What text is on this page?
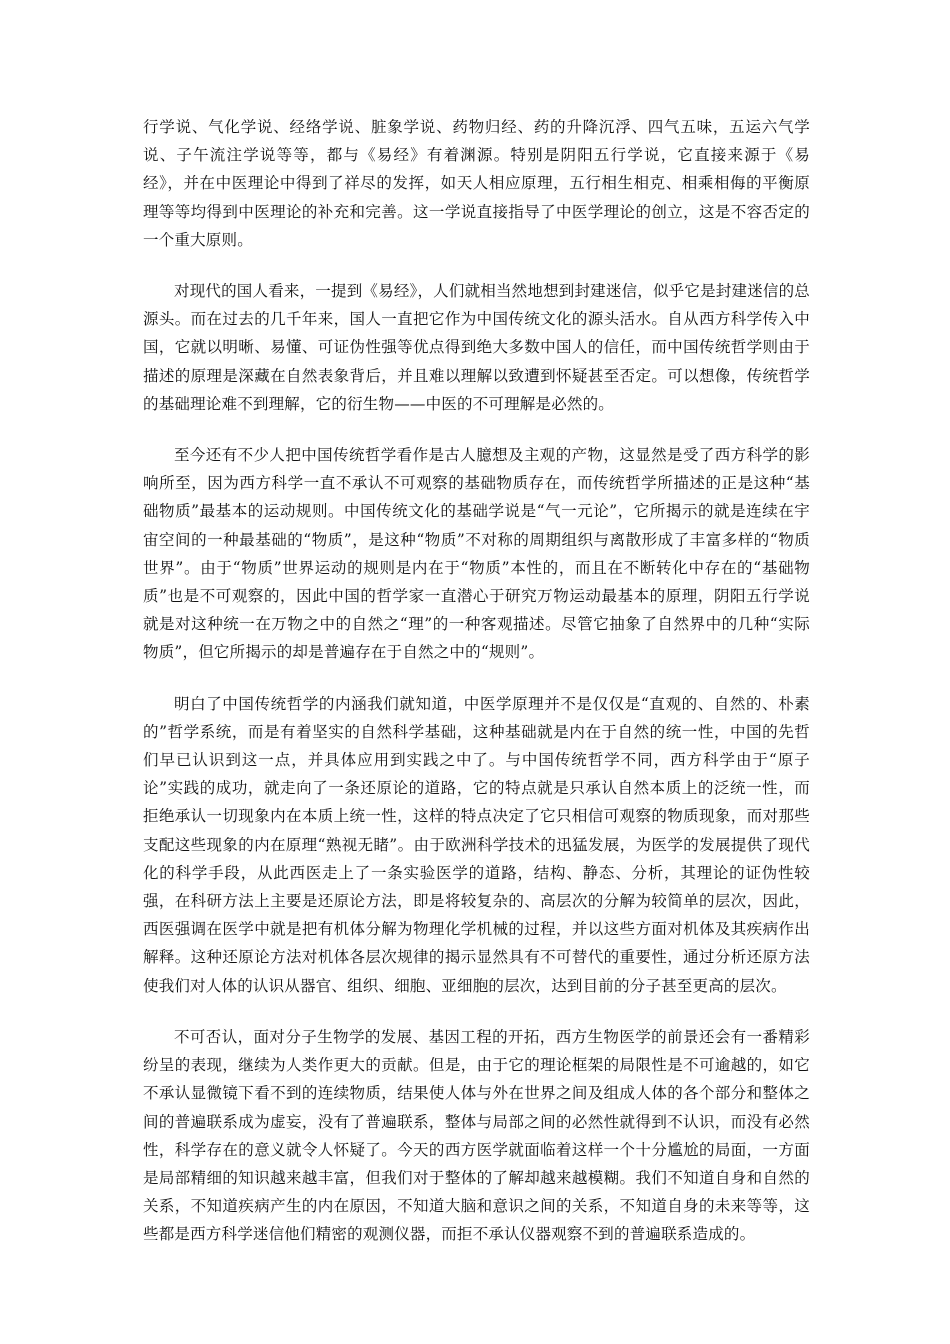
行学说、气化学说、经络学说、脏象学说、药物归经、药的升降沉浮、四气五味，五运六气学说、子午流注学说等等，都与《易经》有着渊源。特别是阴阳五行学说，它直接来源于《易经》，并在中医理论中得到了祥尽的发挥，如天人相应原理，五行相生相克、相乘相侮的平衡原理等等均得到中医理论的补充和完善。这一学说直接指导了中医学理论的创立，这是不容否定的一个重大原则。

对现代的国人看来，一提到《易经》，人们就相当然地想到封建迷信，似乎它是封建迷信的总源头。而在过去的几千年来，国人一直把它作为中国传统文化的源头活水。自从西方科学传入中国，它就以明晰、易懂、可证伪性强等优点得到绝大多数中国人的信任，而中国传统哲学则由于描述的原理是深藏在自然表象背后，并且难以理解以致遭到怀疑甚至否定。可以想像，传统哲学的基础理论难不到理解，它的衍生物——中医的不可理解是必然的。

至今还有不少人把中国传统哲学看作是古人臆想及主观的产物，这显然是受了西方科学的影响所至，因为西方科学一直不承认不可观察的基础物质存在，而传统哲学所描述的正是这种“基础物质”最基本的运动规则。中国传统文化的基础学说是“气一元论”，它所揭示的就是连续在宇宙空间的一种最基础的“物质”，是这种“物质”不对称的周期组织与离散形成了丰富多样的“物质世界”。由于“物质”世界运动的规则是内在于“物质”本性的，而且在不断转化中存在的“基础物质”也是不可观察的，因此中国的哲学家一直潜心于研究万物运动最基本的原理，阴阳五行学说就是对这种统一在万物之中的自然之“理”的一种客观描述。尽管它抽象了自然界中的几种“实际物质”，但它所揭示的却是普遍存在于自然之中的“规则”。

明白了中国传统哲学的内涵我们就知道，中医学原理并不是仅仅是“直观的、自然的、朴素的”哲学系统，而是有着坚实的自然科学基础，这种基础就是内在于自然的统一性，中国的先哲们早已认识到这一点，并具体应用到实践之中了。与中国传统哲学不同，西方科学由于“原子论”实践的成功，就走向了一条还原论的道路，它的特点就是只承认自然本质上的泛统一性，而拒绝承认一切现象内在本质上统一性，这样的特点决定了它只相信可观察的物质现象，而对那些支配这些现象的内在原理“熟视无睹”。由于欧洲科学技术的迅猛发展，为医学的发展提供了现代化的科学手段，从此西医走上了一条实验医学的道路，结构、静态、分析，其理论的证伪性较强，在科研方法上主要是还原论方法，即是将较复杂的、高层次的分解为较简单的层次，因此，西医强调在医学中就是把有机体分解为物理化学机械的过程，并以这些方面对机体及其疾病作出解释。这种还原论方法对机体各层次规律的揭示显然具有不可替代的重要性，通过分析还原方法使我们对人体的认识从器官、组织、细胞、亚细胞的层次，达到目前的分子甚至更高的层次。

不可否认，面对分子生物学的发展、基因工程的开拓，西方生物医学的前景还会有一番精彩纷呈的表现，继续为人类作更大的贡献。但是，由于它的理论框架的局限性是不可逾越的，如它不承认显微镜下看不到的连续物质，结果使人体与外在世界之间及组成人体的各个部分和整体之间的普遍联系成为虚妄，没有了普遍联系，整体与局部之间的必然性就得到不认识，而没有必然性，科学存在的意义就令人怀疑了。今天的西方医学就面临着这样一个十分尴尬的局面，一方面是局部精细的知识越来越丰富，但我们对于整体的了解却越来越模糊。我们不知道自身和自然的关系，不知道疾病产生的内在原因，不知道大脑和意识之间的关系，不知道自身的未来等等，这些都是西方科学迷信他们精密的观测仪器，而拒不承认仪器观察不到的普遍联系造成的。
